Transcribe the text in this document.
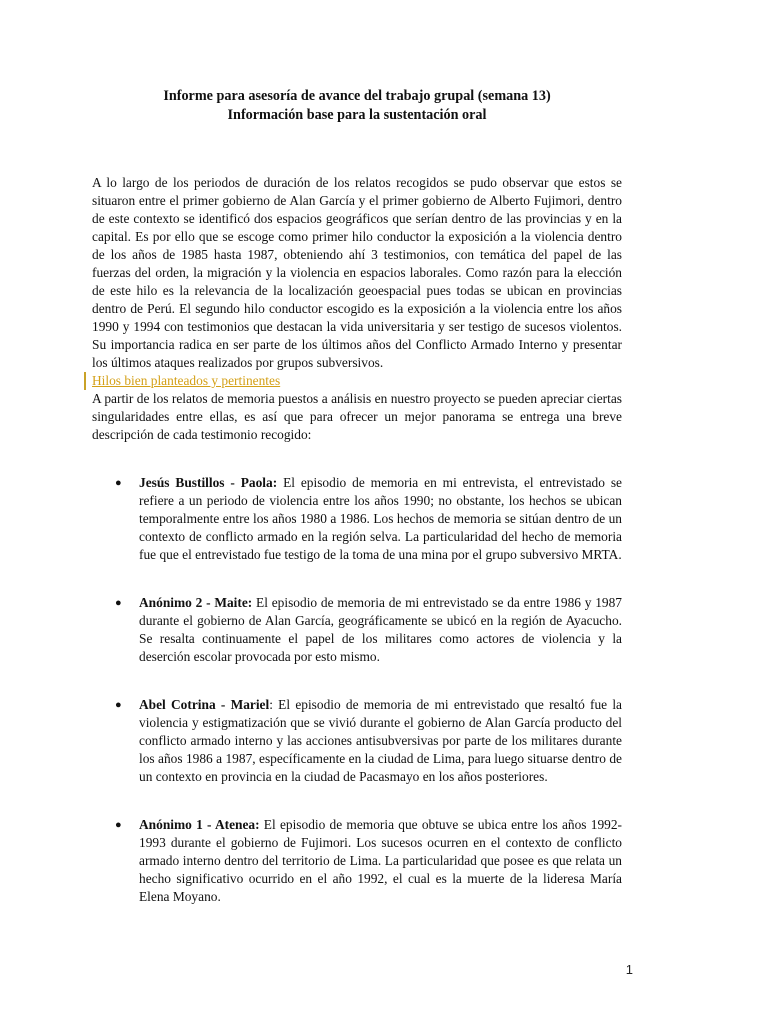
Informe para asesoría de avance del trabajo grupal (semana 13)
Información base para la sustentación oral

A lo largo de los periodos de duración de los relatos recogidos se pudo observar que estos se situaron entre el primer gobierno de Alan García y el primer gobierno de Alberto Fujimori, dentro de este contexto se identificó dos espacios geográficos que serían dentro de las provincias y en la capital. Es por ello que se escoge como primer hilo conductor la exposición a la violencia dentro de los años de 1985 hasta 1987, obteniendo ahí 3 testimonios, con temática del papel de las fuerzas del orden, la migración y la violencia en espacios laborales. Como razón para la elección de este hilo es la relevancia de la localización geoespacial pues todas se ubican en provincias dentro de Perú. El segundo hilo conductor escogido es la exposición a la violencia entre los años 1990 y 1994 con testimonios que destacan la vida universitaria y ser testigo de sucesos violentos. Su importancia radica en ser parte de los últimos años del Conflicto Armado Interno y presentar los últimos ataques realizados por grupos subversivos.

Hilos bien planteados y pertinentes

A partir de los relatos de memoria puestos a análisis en nuestro proyecto se pueden apreciar ciertas singularidades entre ellas, es así que para ofrecer un mejor panorama se entrega una breve descripción de cada testimonio recogido:

● Jesús Bustillos - Paola: El episodio de memoria en mi entrevista, el entrevistado se refiere a un periodo de violencia entre los años 1990; no obstante, los hechos se ubican temporalmente entre los años 1980 a 1986. Los hechos de memoria se sitúan dentro de un contexto de conflicto armado en la región selva. La particularidad del hecho de memoria fue que el entrevistado fue testigo de la toma de una mina por el grupo subversivo MRTA.
● Anónimo 2 - Maite: El episodio de memoria de mi entrevistado se da entre 1986 y 1987 durante el gobierno de Alan García, geográficamente se ubicó en la región de Ayacucho. Se resalta continuamente el papel de los militares como actores de violencia y la deserción escolar provocada por esto mismo.
● Abel Cotrina - Mariel: El episodio de memoria de mi entrevistado que resaltó fue la violencia y estigmatización que se vivió durante el gobierno de Alan García producto del conflicto armado interno y las acciones antisubversivas por parte de los militares durante los años 1986 a 1987, específicamente en la ciudad de Lima, para luego situarse dentro de un contexto en provincia en la ciudad de Pacasmayo en los años posteriores.
● Anónimo 1 - Atenea: El episodio de memoria que obtuve se ubica entre los años 1992-1993 durante el gobierno de Fujimori. Los sucesos ocurren en el contexto de conflicto armado interno dentro del territorio de Lima. La particularidad que posee es que relata un hecho significativo ocurrido en el año 1992, el cual es la muerte de la lideresa María Elena Moyano.
1
